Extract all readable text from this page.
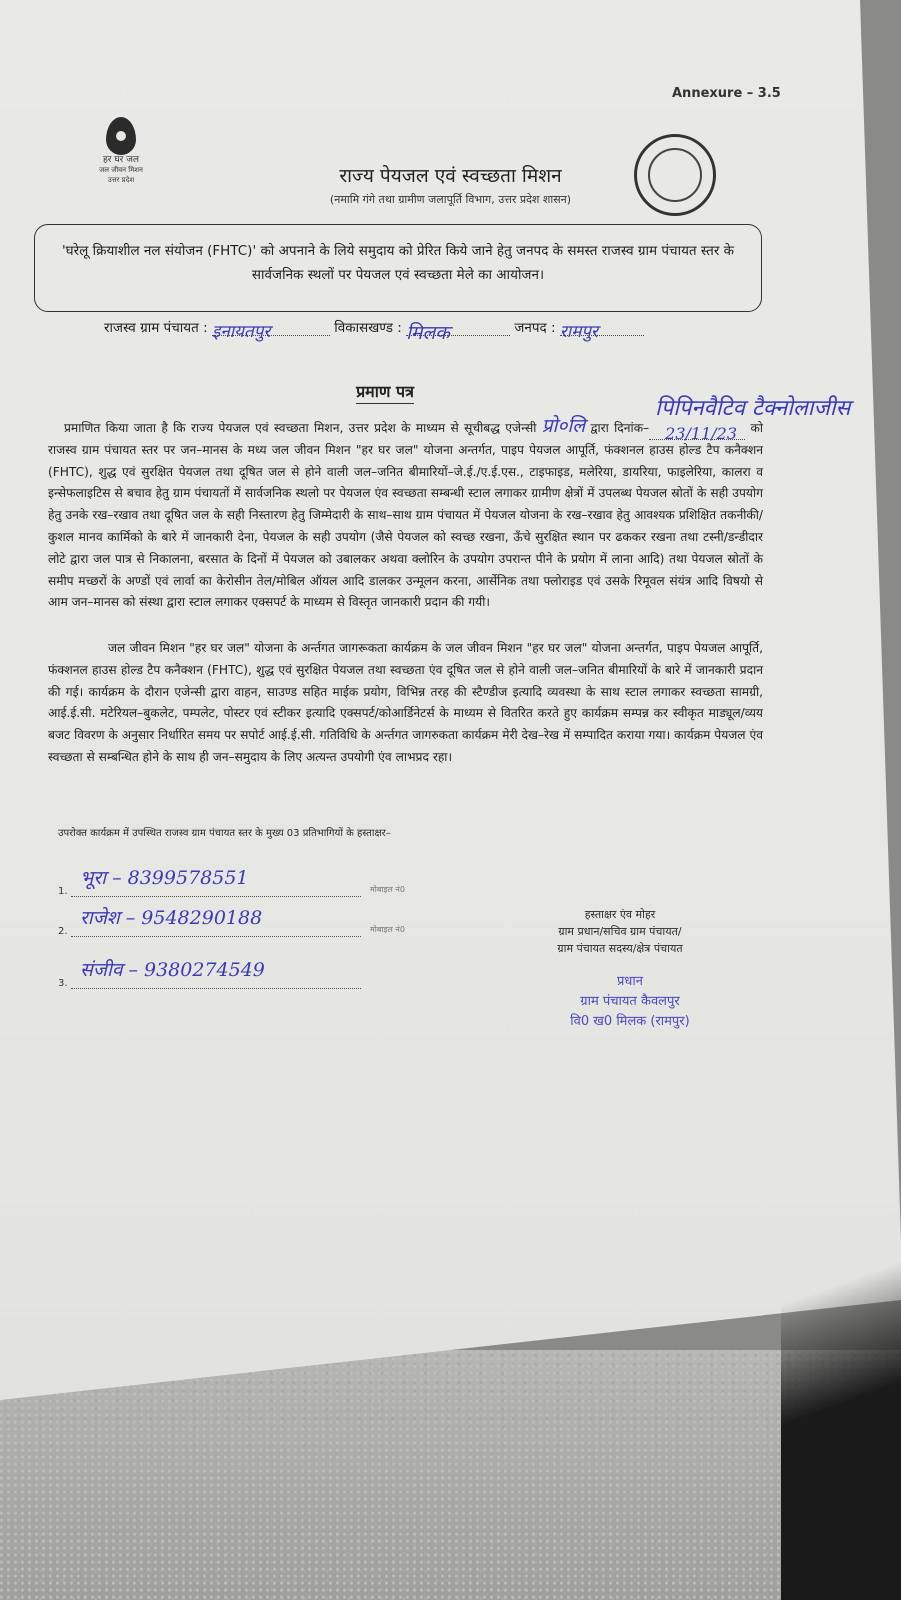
Annexure – 3.5
हर घर जल
जल जीवन मिशन
उत्तर प्रदेश	राज्य पेयजल एवं स्वच्छता मिशन
(नमामि गंगे तथा ग्रामीण जलापूर्ति विभाग, उत्तर प्रदेश शासन)
'घरेलू क्रियाशील नल संयोजन (FHTC)' को अपनाने के लिये समुदाय को प्रेरित किये जाने हेतु जनपद के समस्त राजस्व ग्राम पंचायत स्तर के सार्वजनिक स्थलों पर पेयजल एवं स्वच्छता मेले का आयोजन।
राजस्व ग्राम पंचायत : इनायतपुर	विकासखण्ड : मिलक	जनपद : रामपुर
प्रमाण पत्र
पिपिनवैटिव टैक्नोलाजीस
प्रमाणित किया जाता है कि राज्य पेयजल एवं स्वच्छता मिशन, उत्तर प्रदेश के माध्यम से सूचीबद्ध एजेन्सी प्रो०लि द्वारा दिनांक– 23/11/23 को राजस्व ग्राम पंचायत स्तर पर जन–मानस के मध्य जल जीवन मिशन "हर घर जल" योजना अन्तर्गत, पाइप पेयजल आपूर्ति, फंक्शनल हाउस होल्ड टैप कनैक्शन (FHTC), शुद्ध एवं सुरक्षित पेयजल तथा दूषित जल से होने वाली जल–जनित बीमारियों–जे.ई./ए.ई.एस., टाइफाइड, मलेरिया, डायरिया, फाइलेरिया, कालरा व इन्सेफलाइटिस से बचाव हेतु ग्राम पंचायतों में सार्वजनिक स्थलो पर पेयजल एंव स्वच्छता सम्बन्धी स्टाल लगाकर ग्रामीण क्षेत्रों में उपलब्ध पेयजल स्रोतों के सही उपयोग हेतु उनके रख–रखाव तथा दूषित जल के सही निस्तारण हेतु जिम्मेदारी के साथ–साथ ग्राम पंचायत में पेयजल योजना के रख–रखाव हेतु आवश्यक प्रशिक्षित तकनीकी/कुशल मानव कार्मिको के बारे में जानकारी देना, पेयजल के सही उपयोग (जैसे पेयजल को स्वच्छ रखना, ऊँचे सुरक्षित स्थान पर ढककर रखना तथा टस्नी/डन्डीदार लोटे द्वारा जल पात्र से निकालना, बरसात के दिनों में पेयजल को उबालकर अथवा क्लोरिन के उपयोग उपरान्त पीने के प्रयोग में लाना आदि) तथा पेयजल स्रोतों के समीप मच्छरों के अण्डों एवं लार्वा का केरोसीन तेल/मोबिल ऑयल आदि डालकर उन्मूलन करना, आर्सेनिक तथा फ्लोराइड एवं उसके रिमूवल संयंत्र आदि विषयो से आम जन–मानस को संस्था द्वारा स्टाल लगाकर एक्सपर्ट के माध्यम से विस्तृत जानकारी प्रदान की गयी।
जल जीवन मिशन "हर घर जल" योजना के अर्न्तगत जागरूकता कार्यक्रम के जल जीवन मिशन "हर घर जल" योजना अन्तर्गत, पाइप पेयजल आपूर्ति, फंक्शनल हाउस होल्ड टैप कनैक्शन (FHTC), शुद्ध एवं सुरक्षित पेयजल तथा स्वच्छता एंव दूषित जल से होने वाली जल–जनित बीमारियों के बारे में जानकारी प्रदान की गई। कार्यक्रम के दौरान एजेन्सी द्वारा वाहन, साउण्ड सहित माईक प्रयोग, विभिन्न तरह की स्टैण्डीज इत्यादि व्यवस्था के साथ स्टाल लगाकर स्वच्छता सामग्री, आई.ई.सी. मटेरियल–बुकलेट, पम्पलेट, पोस्टर एवं स्टीकर इत्यादि एक्सपर्ट/कोआर्डिनेटर्स के माध्यम से वितरित करते हुए कार्यक्रम सम्पन्न कर स्वीकृत माड्यूल/व्यय बजट विवरण के अनुसार निर्धारित समय पर सपोर्ट आई.ई.सी. गतिविधि के अर्न्तगत जागरुकता कार्यक्रम मेरी देख–रेख में सम्पादित कराया गया। कार्यक्रम पेयजल एंव स्वच्छता से सम्बन्धित होने के साथ ही जन–समुदाय के लिए अत्यन्त उपयोगी एंव लाभप्रद रहा।
उपरोक्त कार्यक्रम में उपस्थित राजस्व ग्राम पंचायत स्तर के मुख्य 03 प्रतिभागियों के हस्ताक्षर–
1.
भूरा – 8399578551
मोबाइल नं0
2.
राजेश – 9548290188
मोबाइल नं0
3.
संजीव – 9380274549
हस्ताक्षर एंव मोहर
ग्राम प्रधान/सचिव ग्राम पंचायत/
ग्राम पंचायत सदस्य/क्षेत्र पंचायत
प्रधान
ग्राम पंचायत कैवलपुर
वि0 ख0 मिलक (रामपुर)
